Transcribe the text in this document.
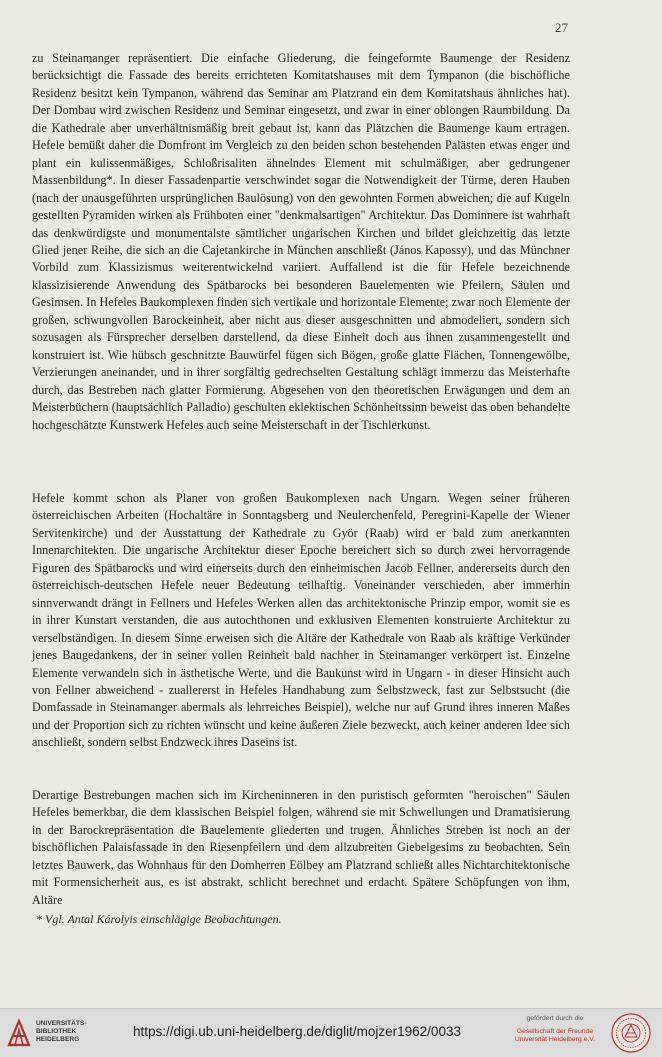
27
zu Steinamanger repräsentiert. Die einfache Gliederung, die feingeformte Baumenge der Residenz berücksichtigt die Fassade des bereits errichteten Komitatshauses mit dem Tympanon (die bischöfliche Residenz besitzt kein Tympanon, während das Seminar am Platzrand ein dem Komitatshaus ähnliches hat). Der Dombau wird zwischen Residenz und Seminar eingesetzt, und zwar in einer oblongen Raumbildung. Da die Kathedrale aber unverhältnismäßig breit gebaut ist, kann das Plätzchen die Baumenge kaum ertragen. Hefele bemüßt daher die Domfront im Vergleich zu den beiden schon bestehenden Palästen etwas enger und plant ein kulissenmäßiges, Schloßrisaliten ähnelndes Element mit schulmäßiger, aber gedrungener Massenbildung*. In dieser Fassadenpartie verschwindet sogar die Notwendigkeit der Türme, deren Hauben (nach der unausgeführten ursprünglichen Baulösung) von den gewohnten Formen abweichen; die auf Kugeln gestellten Pyramiden wirken als Frühboten einer "denkmalsartigen" Architektur. Das Dominnere ist wahrhaft das denkwürdigste und monumentalste sämtlicher ungarischen Kirchen und bildet gleichzeitig das letzte Glied jener Reihe, die sich an die Cajetankirche in München anschließt (János Kapossy), und das Münchner Vorbild zum Klassizismus weiterentwickelnd variiert. Auffallend ist die für Hefele bezeichnende klassizisierende Anwendung des Spätbarocks bei besonderen Bauelementen wie Pfeilern, Säulen und Gesimsen. In Hefeles Baukomplexen finden sich vertikale und horizontale Elemente; zwar noch Elemente der großen, schwungvollen Barockeinheit, aber nicht aus dieser ausgeschnitten und abmodeliert, sondern sich sozusagen als Fürsprecher derselben darstellend, da diese Einheit doch aus ihnen zusammengestellt und konstruiert ist. Wie hübsch geschnitzte Bauwürfel fügen sich Bögen, große glatte Flächen, Tonnengewölbe, Verzierungen aneinander, und in ihrer sorgfältig gedrechselten Gestaltung schlägt immerzu das Meisterhafte durch, das Bestreben nach glatter Formierung. Abgesehen von den theoretischen Erwägungen und dem an Meisterbüchern (hauptsächlich Palladio) geschulten eklektischen Schönheitssinn beweist das oben behandelte hochgeschätzte Kunstwerk Hefeles auch seine Meisterschaft in der Tischlerkunst.
Hefele kommt schon als Planer von großen Baukomplexen nach Ungarn. Wegen seiner früheren österreichischen Arbeiten (Hochaltäre in Sonntagsberg und Neulerchenfeld, Peregrini-Kapelle der Wiener Servitenkirche) und der Ausstattung der Kathedrale zu Györ (Raab) wird er bald zum anerkannten Innenarchitekten. Die ungarische Architektur dieser Epoche bereichert sich so durch zwei hervorragende Figuren des Spätbarocks und wird einerseits durch den einheimischen Jacob Fellner, andererseits durch den österreichisch-deutschen Hefele neuer Bedeutung teilhaftig. Voneinander verschieden, aber immerhin sinnverwandt drängt in Fellners und Hefeles Werken allen das architektonische Prinzip empor, womit sie es in ihrer Kunstart verstanden, die aus autochthonen und exklusiven Elementen konstruierte Architektur zu verselbständigen. In diesem Sinne erweisen sich die Altäre der Kathedrale von Raab als kräftige Verkünder jenes Baugedankens, der in seiner vollen Reinheit bald nachher in Steinamanger verkörpert ist. Einzelne Elemente verwandeln sich in ästhetische Werte, und die Baukunst wird in Ungarn - in dieser Hinsicht auch von Fellner abweichend - zuallererst in Hefeles Handhabung zum Selbstzweck, fast zur Selbstsucht (die Domfassade in Steinamanger abermals als lehrreiches Beispiel), welche nur auf Grund ihres inneren Maßes und der Proportion sich zu richten wünscht und keine äußeren Ziele bezweckt, auch keiner anderen Idee sich anschließt, sondern selbst Endzweck ihres Daseins ist.
Derartige Bestrebungen machen sich im Kircheninneren in den puristisch geformten "heroischen" Säulen Hefeles bemerkbar, die dem klassischen Beispiel folgen, während sie mit Schwellungen und Dramatisierung in der Barockrepräsentation die Bauelemente gliederten und trugen. Ähnliches Streben ist noch an der bischöflichen Palaisfassade in den Riesenpfeilern und dem allzubreiten Giebelgesims zu beobachten. Sein letztes Bauwerk, das Wohnhaus für den Domherren Eölbey am Platzrand schließt alles Nichtarchitektonische mit Formensicherheit aus, es ist abstrakt, schlicht berechnet und erdacht. Spätere Schöpfungen von ihm, Altäre
* Vgl. Antal Károlyis einschlägige Beobachtungen.
UNIVERSITÄTS-
BIBLIOTHEK
HEIDELBERG
https://digi.ub.uni-heidelberg.de/diglit/mojzer1962/0033
gefördert durch die
Gesellschaft der Freunde
Universität Heidelberg e.V.
